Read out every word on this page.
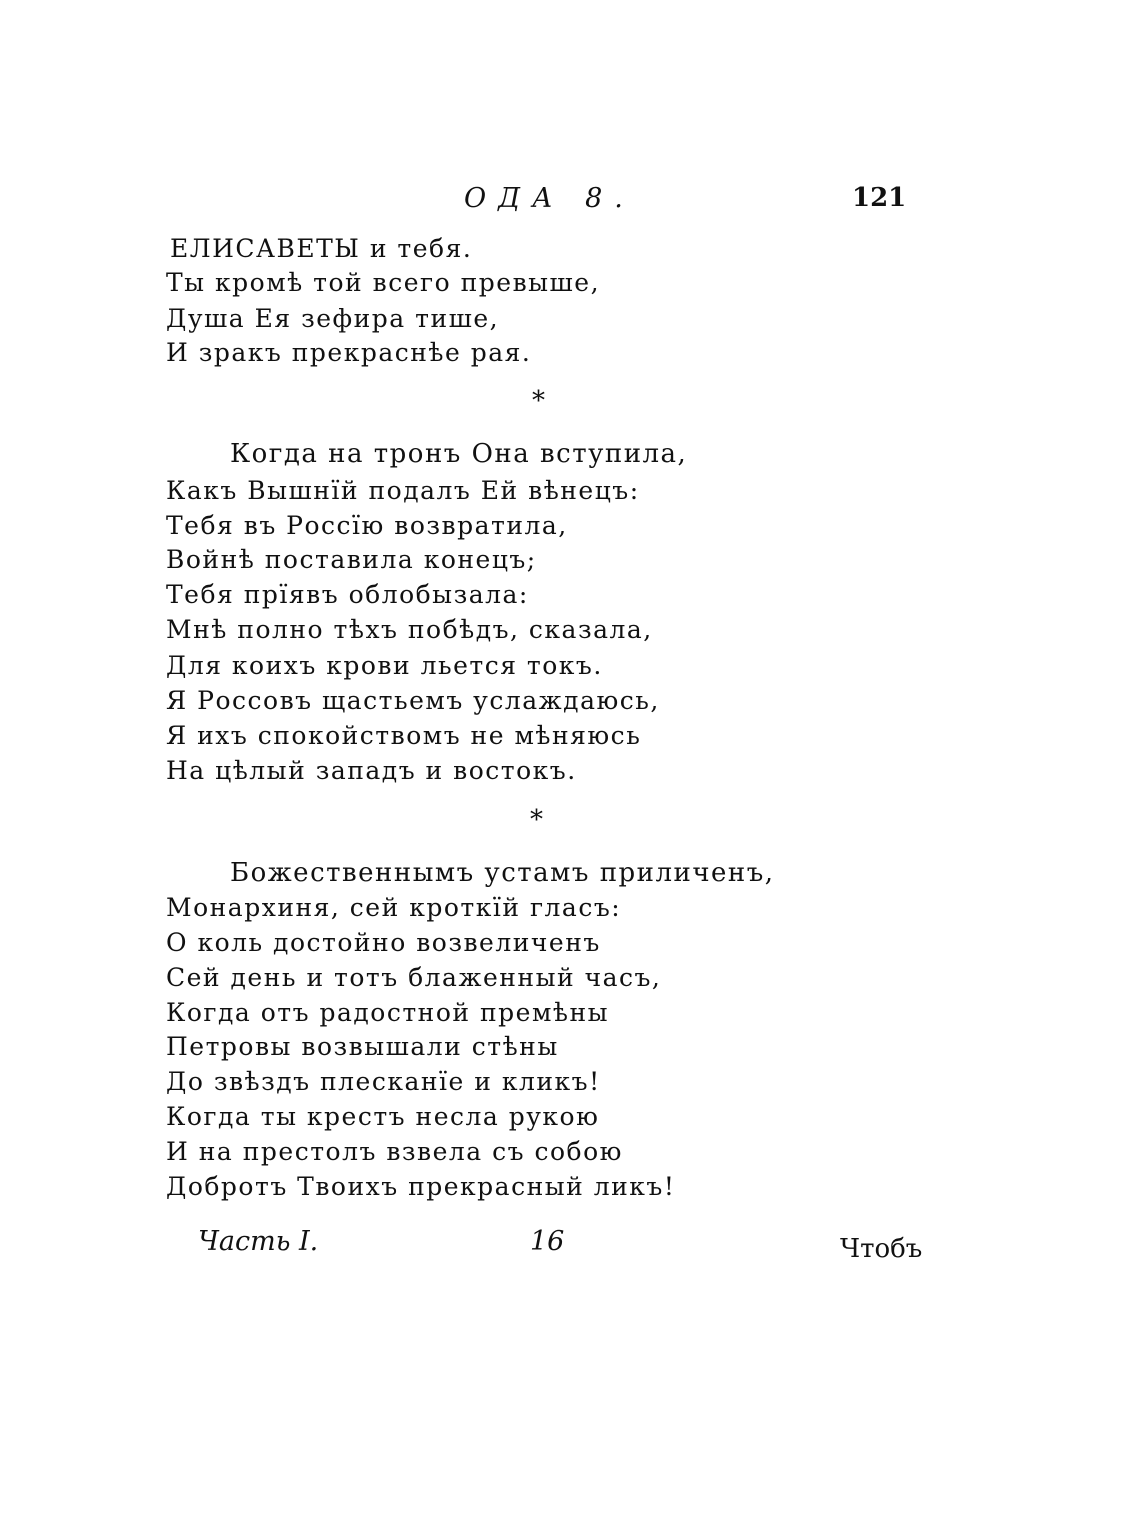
ОДА 8.	121
ЕЛИСАВЕТЫ и тебя.
Ты кромѣ той всего превыше,
Душа Ея зефира тише,
И зракъ прекраснѣе рая.
*
Когда на тронъ Она вступила,
Какъ Вышнїй подалъ Ей вѣнецъ:
Тебя въ Россїю возвратила,
Войнѣ поставила конецъ;
Тебя прїявъ облобызала:
Мнѣ полно тѣхъ побѣдъ, сказала,
Для коихъ крови льется токъ.
Я Россовъ щастьемъ услаждаюсь,
Я ихъ спокойствомъ не мѣняюсь
На цѣлый западъ и востокъ.
*
Божественнымъ устамъ приличенъ,
Монархиня, сей кроткїй гласъ:
О коль достойно возвеличенъ
Сей день и тотъ блаженный часъ,
Когда отъ радостной премѣны
Петровы возвышали стѣны
До звѣздъ плесканїе и кликъ!
Когда ты крестъ несла рукою
И на престолъ взвела съ собою
Добротъ Твоихъ прекрасный ликъ!
Часть I.	16	Чтобъ
